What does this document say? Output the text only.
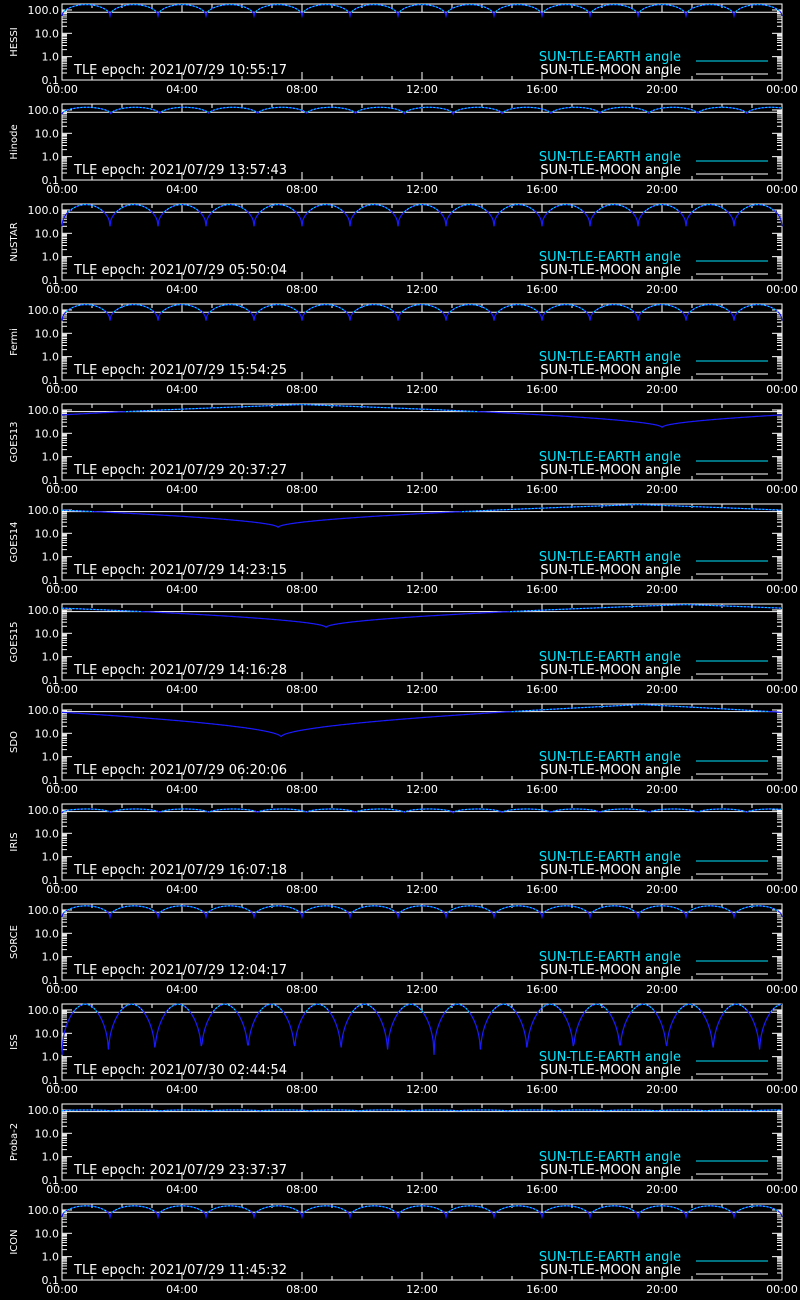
100.0
10.0
1.0
0.1
00:00	04:00	08:00	12:00	16:00	20:00	00:00
HESSI
TLE epoch: 2021/07/29 10:55:17
SUN-TLE-EARTH angle
SUN-TLE-MOON angle
100.0
10.0
1.0
0.1
00:00	04:00	08:00	12:00	16:00	20:00	00:00
Hinode
TLE epoch: 2021/07/29 13:57:43
SUN-TLE-EARTH angle
SUN-TLE-MOON angle
100.0
10.0
1.0
0.1
00:00	04:00	08:00	12:00	16:00	20:00	00:00
NuSTAR
TLE epoch: 2021/07/29 05:50:04
SUN-TLE-EARTH angle
SUN-TLE-MOON angle
100.0
10.0
1.0
0.1
00:00	04:00	08:00	12:00	16:00	20:00	00:00
Fermi
TLE epoch: 2021/07/29 15:54:25
SUN-TLE-EARTH angle
SUN-TLE-MOON angle
100.0
10.0
1.0
0.1
00:00	04:00	08:00	12:00	16:00	20:00	00:00
GOES13
TLE epoch: 2021/07/29 20:37:27
SUN-TLE-EARTH angle
SUN-TLE-MOON angle
100.0
10.0
1.0
0.1
00:00	04:00	08:00	12:00	16:00	20:00	00:00
GOES14
TLE epoch: 2021/07/29 14:23:15
SUN-TLE-EARTH angle
SUN-TLE-MOON angle
100.0
10.0
1.0
0.1
00:00	04:00	08:00	12:00	16:00	20:00	00:00
GOES15
TLE epoch: 2021/07/29 14:16:28
SUN-TLE-EARTH angle
SUN-TLE-MOON angle
100.0
10.0
1.0
0.1
00:00	04:00	08:00	12:00	16:00	20:00	00:00
SDO
TLE epoch: 2021/07/29 06:20:06
SUN-TLE-EARTH angle
SUN-TLE-MOON angle
100.0
10.0
1.0
0.1
00:00	04:00	08:00	12:00	16:00	20:00	00:00
IRIS
TLE epoch: 2021/07/29 16:07:18
SUN-TLE-EARTH angle
SUN-TLE-MOON angle
100.0
10.0
1.0
0.1
00:00	04:00	08:00	12:00	16:00	20:00	00:00
SORCE
TLE epoch: 2021/07/29 12:04:17
SUN-TLE-EARTH angle
SUN-TLE-MOON angle
100.0
10.0
1.0
0.1
00:00	04:00	08:00	12:00	16:00	20:00	00:00
ISS
TLE epoch: 2021/07/30 02:44:54
SUN-TLE-EARTH angle
SUN-TLE-MOON angle
100.0
10.0
1.0
0.1
00:00	04:00	08:00	12:00	16:00	20:00	00:00
Proba-2
TLE epoch: 2021/07/29 23:37:37
SUN-TLE-EARTH angle
SUN-TLE-MOON angle
100.0
10.0
1.0
0.1
00:00	04:00	08:00	12:00	16:00	20:00	00:00
ICON
TLE epoch: 2021/07/29 11:45:32
SUN-TLE-EARTH angle
SUN-TLE-MOON angle
